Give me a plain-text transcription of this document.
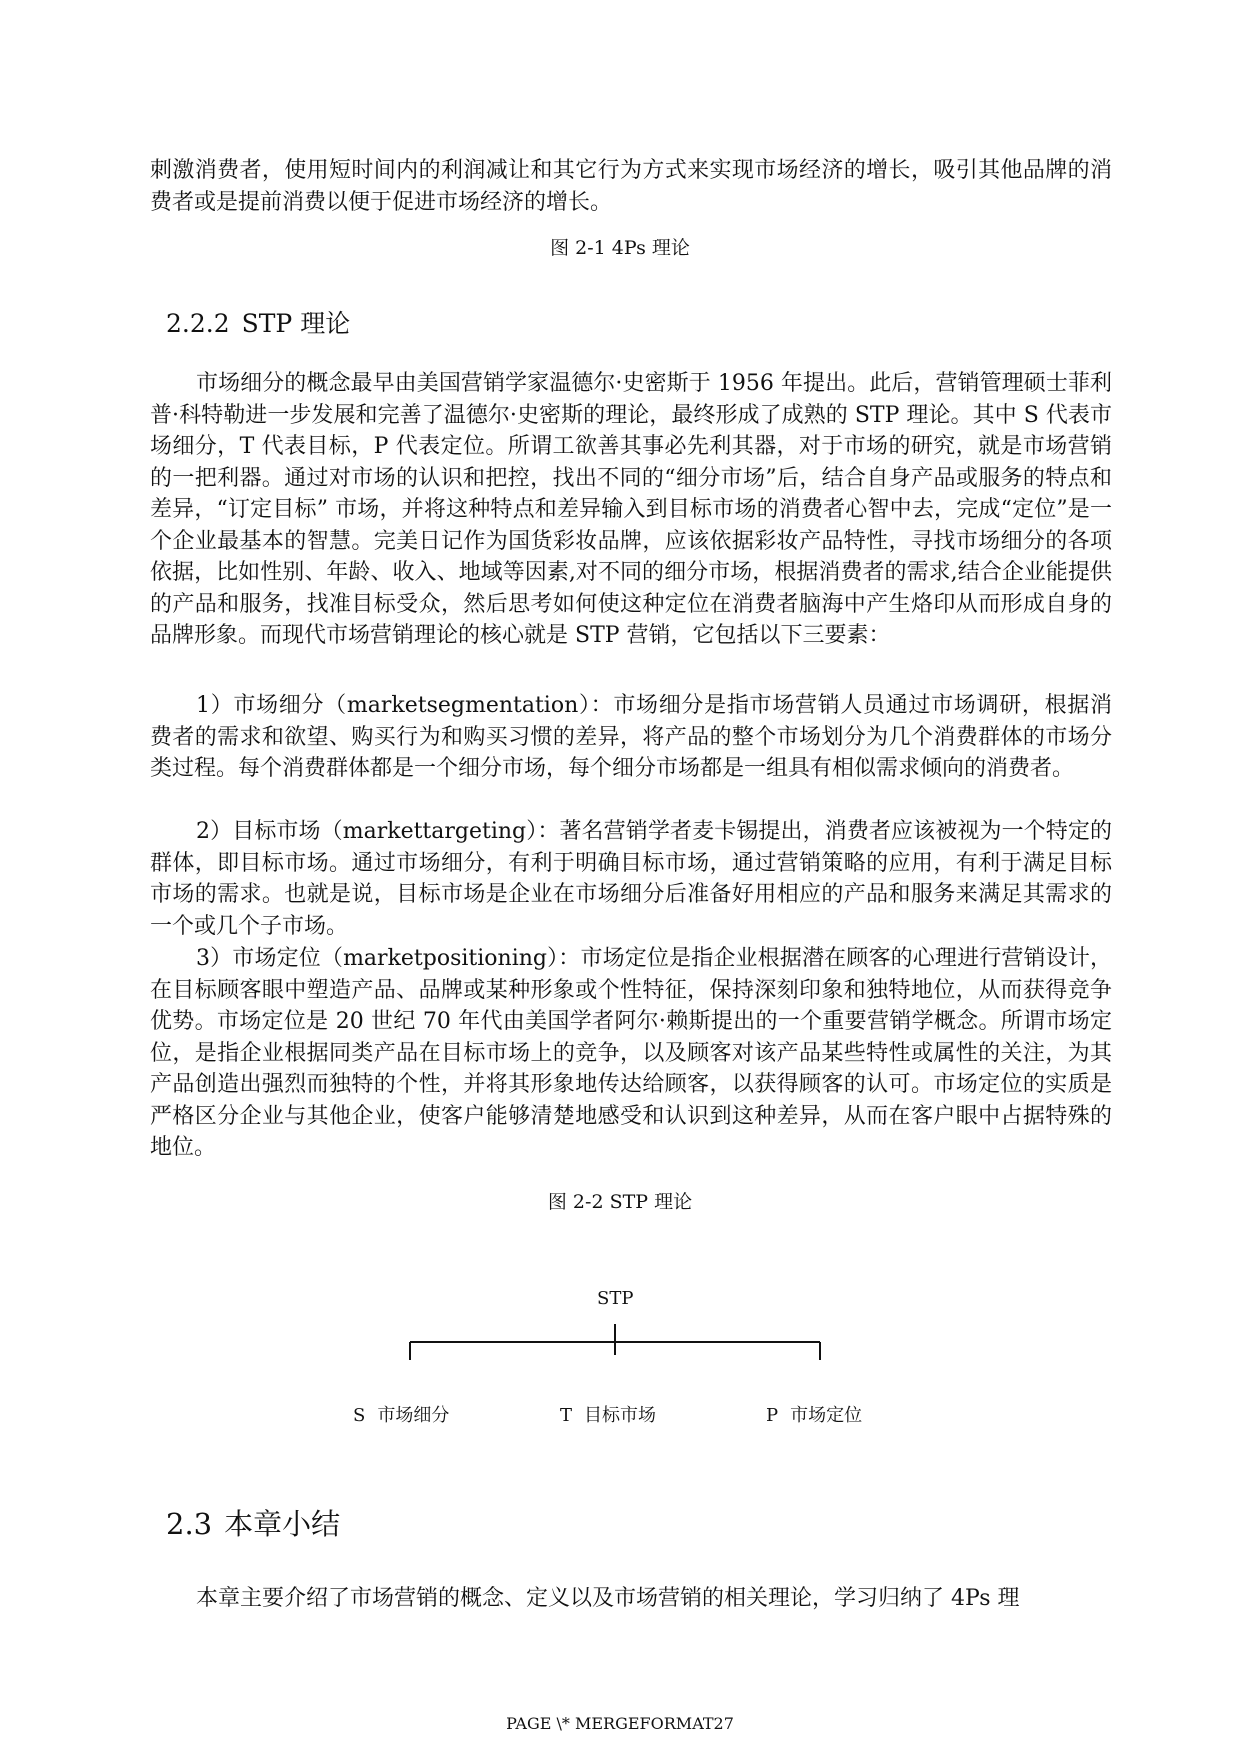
刺激消费者，使用短时间内的利润减让和其它行为方式来实现市场经济的增长，吸引其他品牌的消费者或是提前消费以便于促进市场经济的增长。

图 2-1 4Ps 理论

2.2.2 STP 理论

市场细分的概念最早由美国营销学家温德尔·史密斯于 1956 年提出。此后，营销管理硕士菲利普·科特勒进一步发展和完善了温德尔·史密斯的理论，最终形成了成熟的 STP 理论。其中 S 代表市场细分，T 代表目标，P 代表定位。所谓工欲善其事必先利其器，对于市场的研究，就是市场营销的一把利器。通过对市场的认识和把控，找出不同的“细分市场”后，结合自身产品或服务的特点和差异，“订定目标” 市场，并将这种特点和差异输入到目标市场的消费者心智中去，完成“定位”是一个企业最基本的智慧。完美日记作为国货彩妆品牌，应该依据彩妆产品特性，寻找市场细分的各项依据，比如性别、年龄、收入、地域等因素,对不同的细分市场，根据消费者的需求,结合企业能提供的产品和服务，找准目标受众，然后思考如何使这种定位在消费者脑海中产生烙印从而形成自身的品牌形象。而现代市场营销理论的核心就是 STP 营销，它包括以下三要素：

1）市场细分（marketsegmentation）：市场细分是指市场营销人员通过市场调研，根据消费者的需求和欲望、购买行为和购买习惯的差异，将产品的整个市场划分为几个消费群体的市场分类过程。每个消费群体都是一个细分市场，每个细分市场都是一组具有相似需求倾向的消费者。

2）目标市场（markettargeting）：著名营销学者麦卡锡提出，消费者应该被视为一个特定的群体，即目标市场。通过市场细分，有利于明确目标市场，通过营销策略的应用，有利于满足目标市场的需求。也就是说，目标市场是企业在市场细分后准备好用相应的产品和服务来满足其需求的一个或几个子市场。

3）市场定位（marketpositioning）：市场定位是指企业根据潜在顾客的心理进行营销设计，在目标顾客眼中塑造产品、品牌或某种形象或个性特征，保持深刻印象和独特地位，从而获得竞争优势。市场定位是 20 世纪 70 年代由美国学者阿尔·赖斯提出的一个重要营销学概念。所谓市场定位，是指企业根据同类产品在目标市场上的竞争，以及顾客对该产品某些特性或属性的关注，为其产品创造出强烈而独特的个性，并将其形象地传达给顾客，以获得顾客的认可。市场定位的实质是严格区分企业与其他企业，使客户能够清楚地感受和认识到这种差异，从而在客户眼中占据特殊的地位。

图 2-2 STP 理论

STP
S 市场细分	T 目标市场	P 市场定位
2.3 本章小结

本章主要介绍了市场营销的概念、定义以及市场营销的相关理论，学习归纳了 4Ps 理

PAGE \* MERGEFORMAT27
